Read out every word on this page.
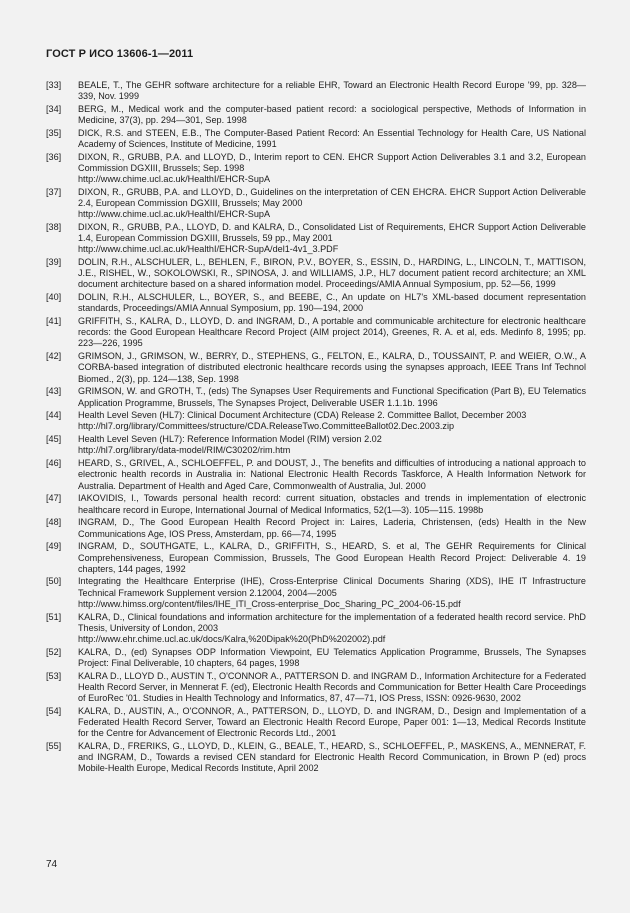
ГОСТ Р ИСО 13606-1—2011
[33]	BEALE, T., The GEHR software architecture for a reliable EHR, Toward an Electronic Health Record Europe '99, pp. 328—339, Nov. 1999
[34]	BERG, M., Medical work and the computer-based patient record: a sociological perspective, Methods of Information in Medicine, 37(3), pp. 294—301, Sep. 1998
[35]	DICK, R.S. and STEEN, E.B., The Computer-Based Patient Record: An Essential Technology for Health Care, US National Academy of Sciences, Institute of Medicine, 1991
[36]	DIXON, R., GRUBB, P.A. and LLOYD, D., Interim report to CEN. EHCR Support Action Deliverables 3.1 and 3.2, European Commission DGXIII, Brussels; Sep. 1998
http://www.chime.ucl.ac.uk/HealthI/EHCR-SupA
[37]	DIXON, R., GRUBB, P.A. and LLOYD, D., Guidelines on the interpretation of CEN EHCRA. EHCR Support Action Deliverable 2.4, European Commission DGXIII, Brussels; May 2000
http://www.chime.ucl.ac.uk/HealthI/EHCR-SupA
[38]	DIXON, R., GRUBB, P.A., LLOYD, D. and KALRA, D., Consolidated List of Requirements, EHCR Support Action Deliverable 1.4, European Commission DGXIII, Brussels, 59 pp., May 2001
http://www.chime.ucl.ac.uk/HealthI/EHCR-SupA/del1-4v1_3.PDF
[39]	DOLIN, R.H., ALSCHULER, L., BEHLEN, F., BIRON, P.V., BOYER, S., ESSIN, D., HARDING, L., LINCOLN, T., MATTISON, J.E., RISHEL, W., SOKOLOWSKI, R., SPINOSA, J. and WILLIAMS, J.P., HL7 document patient record architecture; an XML document architecture based on a shared information model. Proceedings/AMIA Annual Symposium, pp. 52—56, 1999
[40]	DOLIN, R.H., ALSCHULER, L., BOYER, S., and BEEBE, C., An update on HL7's XML-based document representation standards, Proceedings/AMIA Annual Symposium, pp. 190—194, 2000
[41]	GRIFFITH, S., KALRA, D., LLOYD, D. and INGRAM, D., A portable and communicable architecture for electronic healthcare records: the Good European Healthcare Record Project (AIM project 2014), Greenes, R. A. et al, eds. Medinfo 8, 1995; pp. 223—226, 1995
[42]	GRIMSON, J., GRIMSON, W., BERRY, D., STEPHENS, G., FELTON, E., KALRA, D., TOUSSAINT, P. and WEIER, O.W., A CORBA-based integration of distributed electronic healthcare records using the synapses approach, IEEE Trans Inf Technol Biomed., 2(3), pp. 124—138, Sep. 1998
[43]	GRIMSON, W. and GROTH, T., (eds) The Synapses User Requirements and Functional Specification (Part B), EU Telematics Application Programme, Brussels, The Synapses Project, Deliverable USER 1.1.1b. 1996
[44]	Health Level Seven (HL7): Clinical Document Architecture (CDA) Release 2. Committee Ballot, December 2003
http://hl7.org/library/Committees/structure/CDA.ReleaseTwo.CommitteeBallot02.Dec.2003.zip
[45]	Health Level Seven (HL7): Reference Information Model (RIM) version 2.02
http://hl7.org/library/data-model/RIM/C30202/rim.htm
[46]	HEARD, S., GRIVEL, A., SCHLOEFFEL, P. and DOUST, J., The benefits and difficulties of introducing a national approach to electronic health records in Australia in: National Electronic Health Records Taskforce, A Health Information Network for Australia. Department of Health and Aged Care, Commonwealth of Australia, Jul. 2000
[47]	IAKOVIDIS, I., Towards personal health record: current situation, obstacles and trends in implementation of electronic healthcare record in Europe, International Journal of Medical Informatics, 52(1—3). 105—115. 1998b
[48]	INGRAM, D., The Good European Health Record Project in: Laires, Laderia, Christensen, (eds) Health in the New Communications Age, IOS Press, Amsterdam, pp. 66—74, 1995
[49]	INGRAM, D., SOUTHGATE, L., KALRA, D., GRIFFITH, S., HEARD, S. et al, The GEHR Requirements for Clinical Comprehensiveness, European Commission, Brussels, The Good European Health Record Project: Deliverable 4. 19 chapters, 144 pages, 1992
[50]	Integrating the Healthcare Enterprise (IHE), Cross-Enterprise Clinical Documents Sharing (XDS), IHE IT Infrastructure Technical Framework Supplement version 2.12004, 2004—2005
http://www.himss.org/content/files/IHE_ITI_Cross-enterprise_Doc_Sharing_PC_2004-06-15.pdf
[51]	KALRA, D., Clinical foundations and information architecture for the implementation of a federated health record service. PhD Thesis, University of London, 2003
http://www.ehr.chime.ucl.ac.uk/docs/Kalra,%20Dipak%20(PhD%202002).pdf
[52]	KALRA, D., (ed) Synapses ODP Information Viewpoint, EU Telematics Application Programme, Brussels, The Synapses Project: Final Deliverable, 10 chapters, 64 pages, 1998
[53]	KALRA D., LLOYD D., AUSTIN T., O'CONNOR A., PATTERSON D. and INGRAM D., Information Architecture for a Federated Health Record Server, in Mennerat F. (ed), Electronic Health Records and Communication for Better Health Care Proceedings of EuroRec '01. Studies in Health Technology and Informatics, 87, 47—71, IOS Press, ISSN: 0926-9630, 2002
[54]	KALRA, D., AUSTIN, A., O'CONNOR, A., PATTERSON, D., LLOYD, D. and INGRAM, D., Design and Implementation of a Federated Health Record Server, Toward an Electronic Health Record Europe, Paper 001: 1—13, Medical Records Institute for the Centre for Advancement of Electronic Records Ltd., 2001
[55]	KALRA, D., FRERIKS, G., LLOYD, D., KLEIN, G., BEALE, T., HEARD, S., SCHLOEFFEL, P., MASKENS, A., MENNERAT, F. and INGRAM, D., Towards a revised CEN standard for Electronic Health Record Communication, in Brown P (ed) procs Mobile-Health Europe, Medical Records Institute, April 2002
74
